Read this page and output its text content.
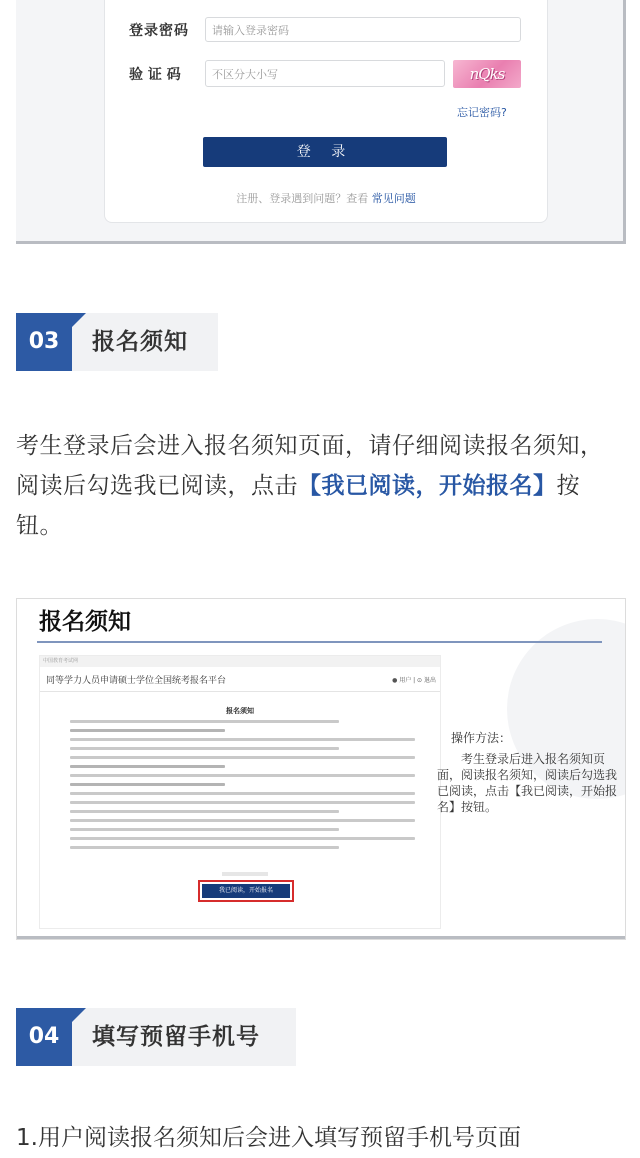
登录密码	请输入登录密码
验 证 码	不区分大小写	nQks
忘记密码?
登 录
注册、登录遇到问题？查看 常见问题
03	报名须知
考生登录后会进入报名须知页面，请仔细阅读报名须知，阅读后勾选我已阅读，点击【我已阅读，开始报名】按钮。
报名须知
中国教育考试网
同等学力人员申请硕士学位全国统考报名平台	● 用户 | ⊙ 退出
报名须知
我已阅读，开始报名
操作方法：
考生登录后进入报名须知页面，阅读报名须知，阅读后勾选我已阅读，点击【我已阅读，开始报名】按钮。
04	填写预留手机号
1.用户阅读报名须知后会进入填写预留手机号页面
